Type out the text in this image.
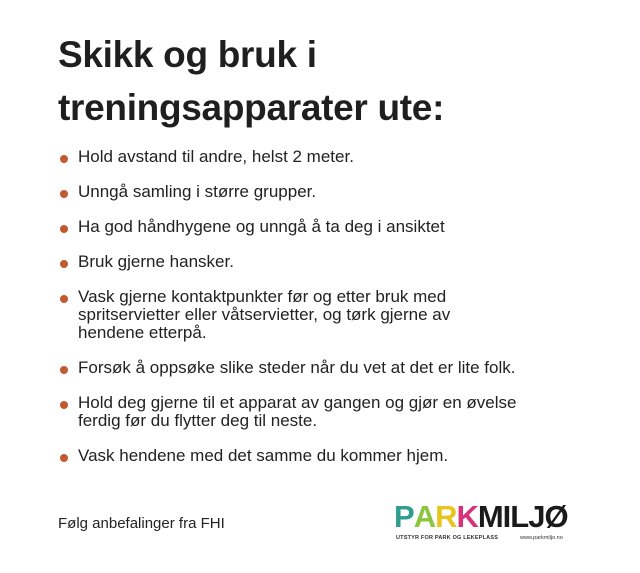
Skikk og bruk i
treningsapparater ute:
Hold avstand til andre, helst 2 meter.
Unngå samling i større grupper.
Ha god håndhygene og unngå å ta deg i ansiktet
Bruk gjerne hansker.
Vask gjerne kontaktpunkter før og etter bruk med
spritservietter eller våtservietter, og tørk gjerne av
hendene etterpå.
Forsøk å oppsøke slike steder når du vet at det er lite folk.
Hold deg gjerne til et apparat av gangen og gjør en øvelse
ferdig før du flytter deg til neste.
Vask hendene med det samme du kommer hjem.
Følg anbefalinger fra FHI	PARKMILJØ
UTSTYR FOR PARK OG LEKEPLASS	www.parkmiljo.no
